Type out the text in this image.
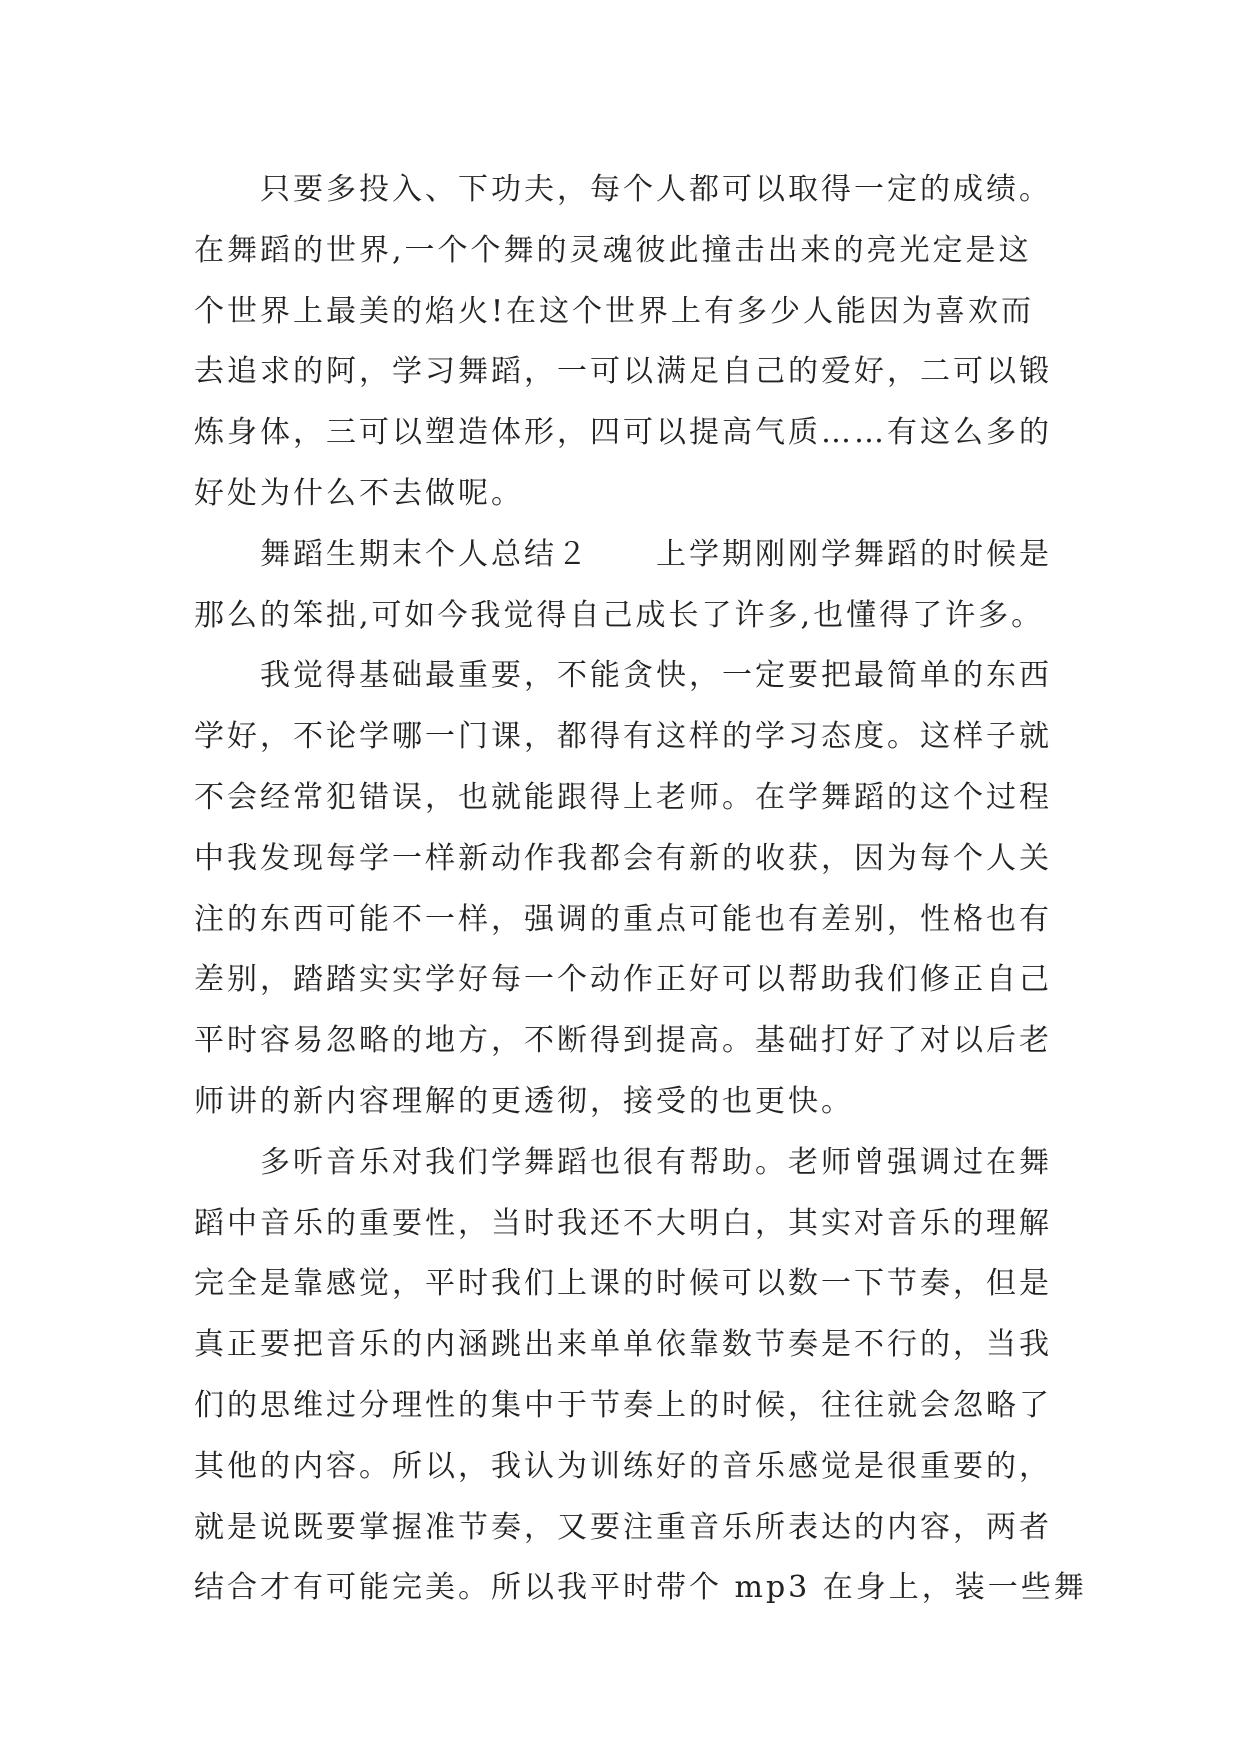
只要多投入、下功夫，每个人都可以取得一定的成绩。
在舞蹈的世界,一个个舞的灵魂彼此撞击出来的亮光定是这
个世界上最美的焰火!在这个世界上有多少人能因为喜欢而
去追求的阿，学习舞蹈，一可以满足自己的爱好，二可以锻
炼身体，三可以塑造体形，四可以提高气质……有这么多的
好处为什么不去做呢。
舞蹈生期末个人总结２　　上学期刚刚学舞蹈的时候是
那么的笨拙,可如今我觉得自己成长了许多,也懂得了许多。
我觉得基础最重要，不能贪快，一定要把最简单的东西
学好，不论学哪一门课，都得有这样的学习态度。这样子就
不会经常犯错误，也就能跟得上老师。在学舞蹈的这个过程
中我发现每学一样新动作我都会有新的收获，因为每个人关
注的东西可能不一样，强调的重点可能也有差别，性格也有
差别，踏踏实实学好每一个动作正好可以帮助我们修正自己
平时容易忽略的地方，不断得到提高。基础打好了对以后老
师讲的新内容理解的更透彻，接受的也更快。
多听音乐对我们学舞蹈也很有帮助。老师曾强调过在舞
蹈中音乐的重要性，当时我还不大明白，其实对音乐的理解
完全是靠感觉，平时我们上课的时候可以数一下节奏，但是
真正要把音乐的内涵跳出来单单依靠数节奏是不行的，当我
们的思维过分理性的集中于节奏上的时候，往往就会忽略了
其他的内容。所以，我认为训练好的音乐感觉是很重要的，
就是说既要掌握准节奏，又要注重音乐所表达的内容，两者
结合才有可能完美。所以我平时带个 mp3 在身上，装一些舞
